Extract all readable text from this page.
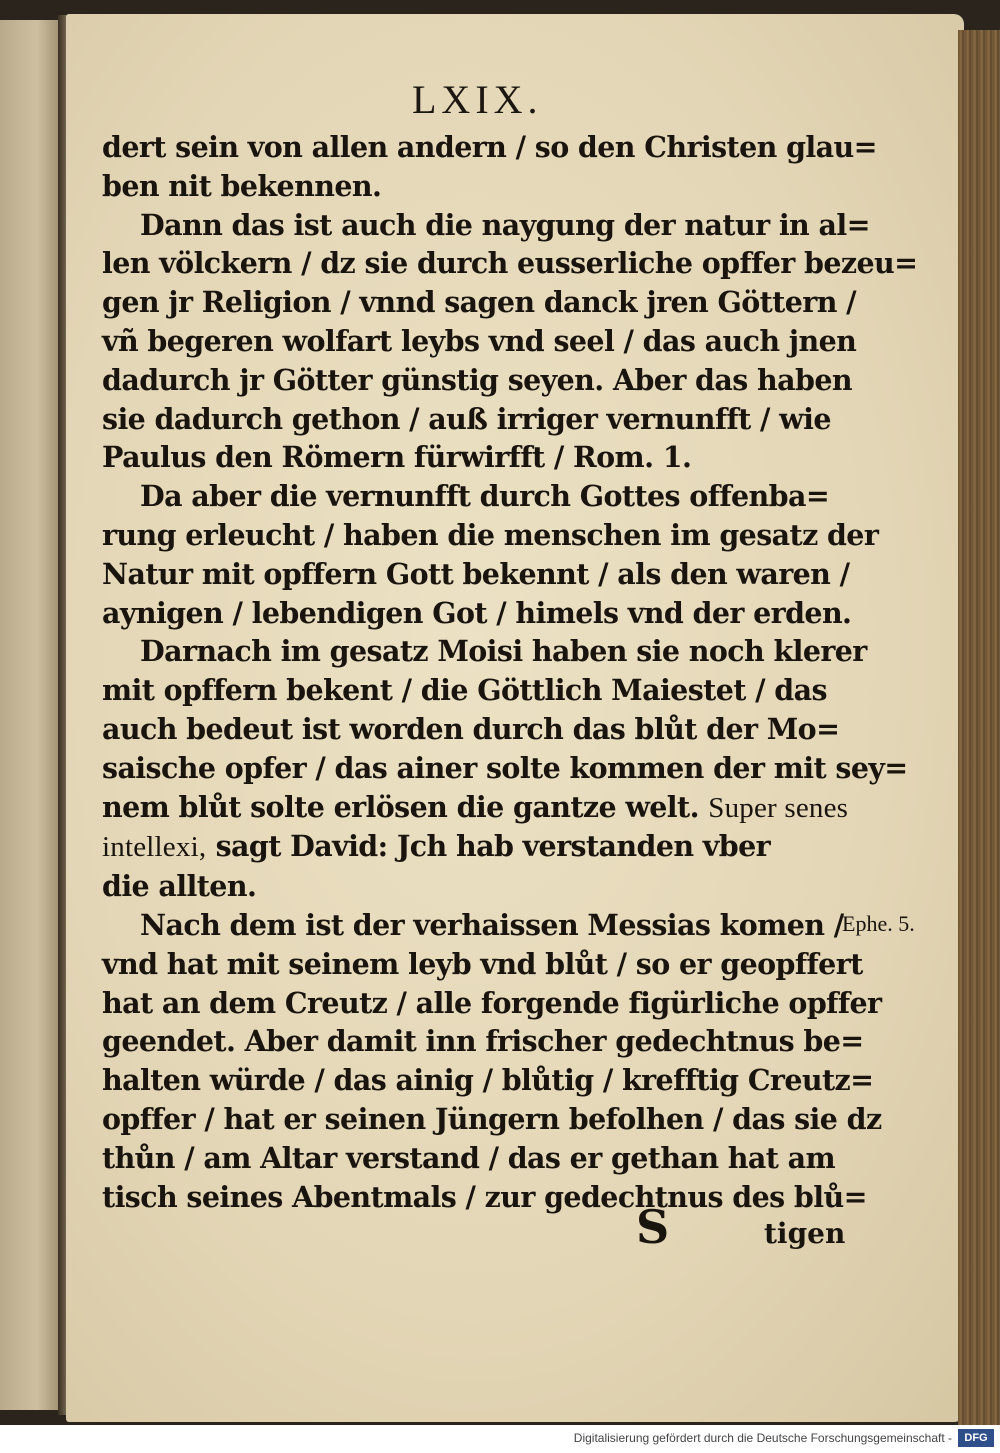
LXIX.
dert sein von allen andern / so den Christen glau=
ben nit bekennen.
Dann das ist auch die naygung der natur in al=
len völckern / dz sie durch eusserliche opffer bezeu=
gen jr Religion / vnnd sagen danck jren Göttern /
vñ begeren wolfart leybs vnd seel / das auch jnen
dadurch jr Götter günstig seyen. Aber das haben
sie dadurch gethon / auß irriger vernunfft / wie
Paulus den Römern fürwirfft / Rom. 1.
Da aber die vernunfft durch Gottes offenba=
rung erleucht / haben die menschen im gesatz der
Natur mit opffern Gott bekennt / als den waren /
aynigen / lebendigen Got / himels vnd der erden.
Darnach im gesatz Moisi haben sie noch klerer
mit opffern bekent / die Göttlich Maiestet / das
auch bedeut ist worden durch das blůt der Mo=
saische opfer / das ainer solte kommen der mit sey=
nem blůt solte erlösen die gantze welt. Super senes
intellexi, sagt David: Jch hab verstanden vber
die allten.
Nach dem ist der verhaissen Messias komen /
vnd hat mit seinem leyb vnd blůt / so er geopffert
hat an dem Creutz / alle forgende figürliche opffer
geendet. Aber damit inn frischer gedechtnus be=
halten würde / das ainig / blůtig / krefftig Creutz=
opffer / hat er seinen Jüngern befolhen / das sie dz
thůn / am Altar verstand / das er gethan hat am
tisch seines Abentmals / zur gedechtnus des blů=
Ephe. 5.
S	tigen
Digitalisierung gefördert durch die Deutsche Forschungsgemeinschaft -	DFG
